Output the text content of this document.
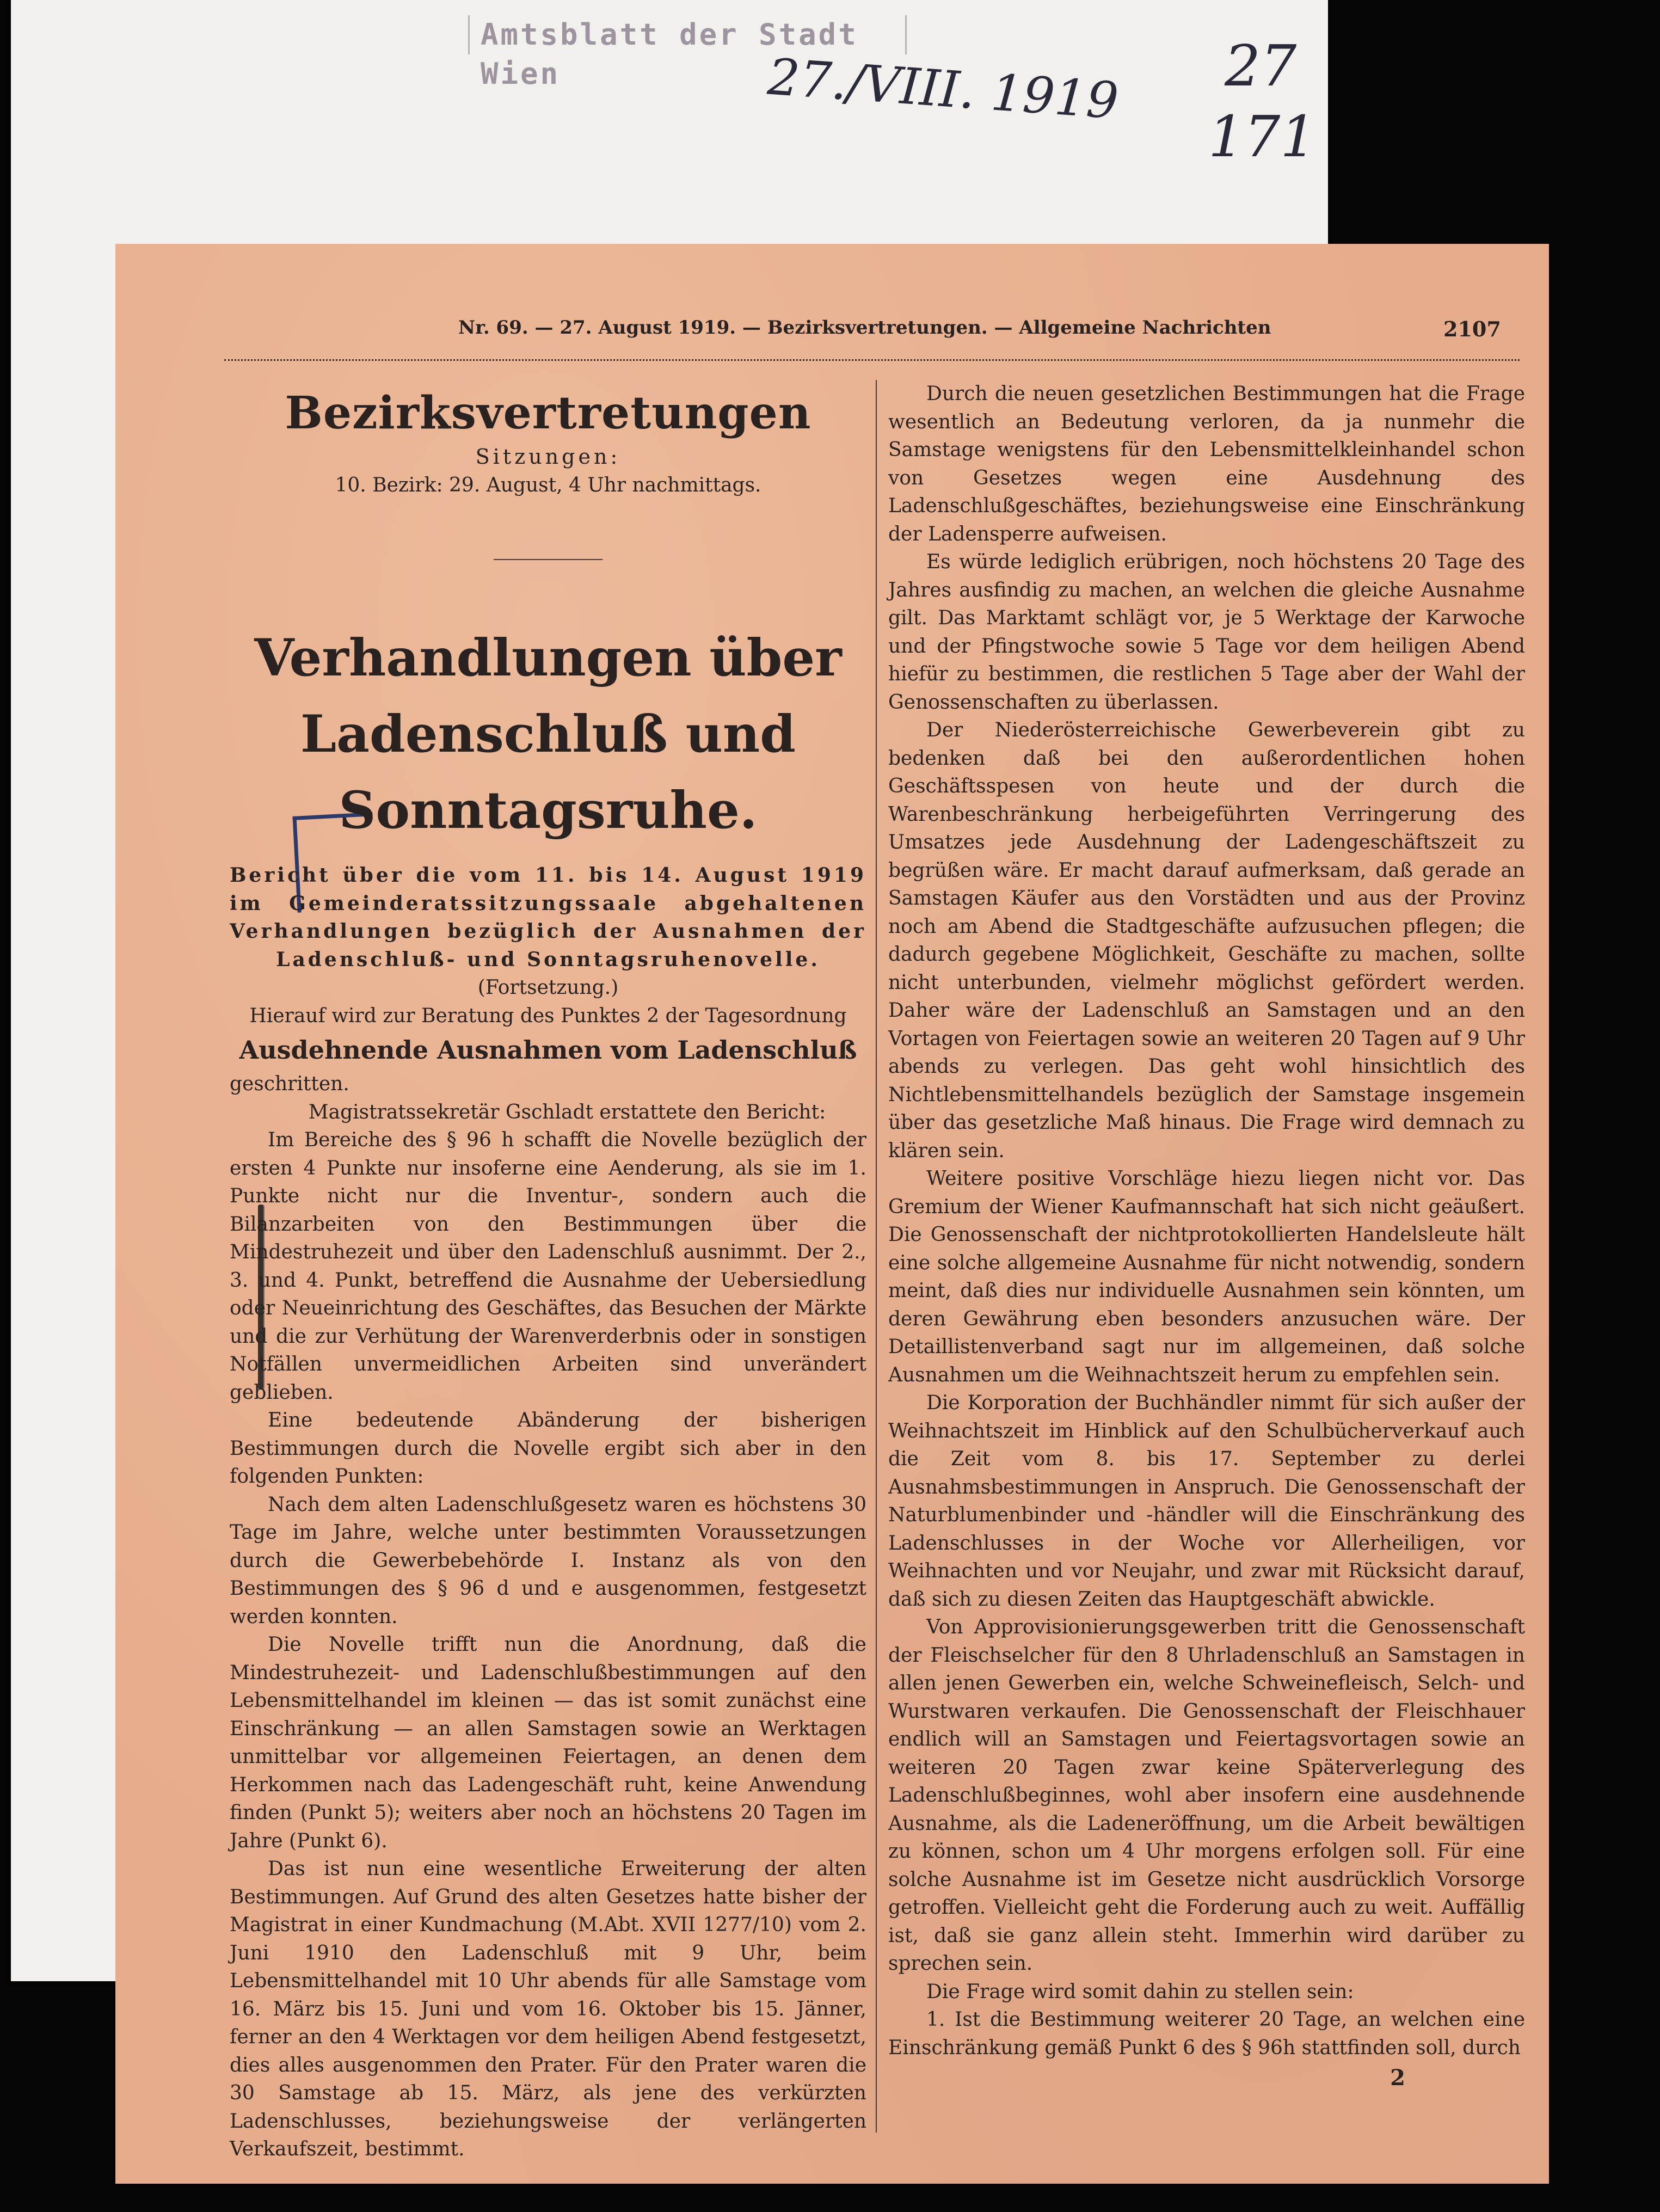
Amtsblatt der Stadt Wien	27./VIII. 1919 27
171
Nr. 69. — 27. August 1919. — Bezirksvertretungen. — Allgemeine Nachrichten	2107
Bezirksvertretungen
Sitzungen:
10. Bezirk: 29. August, 4 Uhr nachmittags.
Verhandlungen über Ladenschluß und Sonntagsruhe.
Bericht über die vom 11. bis 14. August 1919 im Gemeinderatssitzungssaale abgehaltenen Verhandlungen bezüglich der Ausnahmen der Ladenschluß- und Sonntagsruhenovelle.
(Fortsetzung.)
Hierauf wird zur Beratung des Punktes 2 der Tagesordnung
Ausdehnende Ausnahmen vom Ladenschluß

geschritten.

Magistratssekretär Gschladt erstattete den Bericht:

Im Bereiche des § 96 h schafft die Novelle bezüglich der ersten 4 Punkte nur insoferne eine Aenderung, als sie im 1. Punkte nicht nur die Inventur-, sondern auch die Bilanzarbeiten von den Bestimmungen über die Mindestruhezeit und über den Ladenschluß ausnimmt. Der 2., 3. und 4. Punkt, betreffend die Ausnahme der Uebersiedlung oder Neueinrichtung des Geschäftes, das Besuchen der Märkte und die zur Verhütung der Warenverderbnis oder in sonstigen Notfällen unvermeidlichen Arbeiten sind unverändert geblieben.

Eine bedeutende Abänderung der bisherigen Bestimmungen durch die Novelle ergibt sich aber in den folgenden Punkten:

Nach dem alten Ladenschlußgesetz waren es höchstens 30 Tage im Jahre, welche unter bestimmten Voraussetzungen durch die Gewerbebehörde I. Instanz als von den Bestimmungen des § 96 d und e ausgenommen, festgesetzt werden konnten.

Die Novelle trifft nun die Anordnung, daß die Mindestruhezeit- und Ladenschlußbestimmungen auf den Lebensmittelhandel im kleinen — das ist somit zunächst eine Einschränkung — an allen Samstagen sowie an Werktagen unmittelbar vor allgemeinen Feiertagen, an denen dem Herkommen nach das Ladengeschäft ruht, keine Anwendung finden (Punkt 5); weiters aber noch an höchstens 20 Tagen im Jahre (Punkt 6).

Das ist nun eine wesentliche Erweiterung der alten Bestimmungen. Auf Grund des alten Gesetzes hatte bisher der Magistrat in einer Kundmachung (M.Abt. XVII 1277/10) vom 2. Juni 1910 den Ladenschluß mit 9 Uhr, beim Lebensmittelhandel mit 10 Uhr abends für alle Samstage vom 16. März bis 15. Juni und vom 16. Oktober bis 15. Jänner, ferner an den 4 Werktagen vor dem heiligen Abend festgesetzt, dies alles ausgenommen den Prater. Für den Prater waren die 30 Samstage ab 15. März, als jene des verkürzten Ladenschlusses, beziehungsweise der verlängerten Verkaufszeit, bestimmt.

Durch die neuen gesetzlichen Bestimmungen hat die Frage wesentlich an Bedeutung verloren, da ja nunmehr die Samstage wenigstens für den Lebensmittelkleinhandel schon von Gesetzes wegen eine Ausdehnung des Ladenschlußgeschäftes, beziehungsweise eine Einschränkung der Ladensperre aufweisen.

Es würde lediglich erübrigen, noch höchstens 20 Tage des Jahres ausfindig zu machen, an welchen die gleiche Ausnahme gilt. Das Marktamt schlägt vor, je 5 Werktage der Karwoche und der Pfingstwoche sowie 5 Tage vor dem heiligen Abend hiefür zu bestimmen, die restlichen 5 Tage aber der Wahl der Genossenschaften zu überlassen.

Der Niederösterreichische Gewerbeverein gibt zu bedenken daß bei den außerordentlichen hohen Geschäftsspesen von heute und der durch die Warenbeschränkung herbeigeführten Verringerung des Umsatzes jede Ausdehnung der Ladengeschäftszeit zu begrüßen wäre. Er macht darauf aufmerksam, daß gerade an Samstagen Käufer aus den Vorstädten und aus der Provinz noch am Abend die Stadtgeschäfte aufzusuchen pflegen; die dadurch gegebene Möglichkeit, Geschäfte zu machen, sollte nicht unterbunden, vielmehr möglichst gefördert werden. Daher wäre der Ladenschluß an Samstagen und an den Vortagen von Feiertagen sowie an weiteren 20 Tagen auf 9 Uhr abends zu verlegen. Das geht wohl hinsichtlich des Nichtlebensmittelhandels bezüglich der Samstage insgemein über das gesetzliche Maß hinaus. Die Frage wird demnach zu klären sein.

Weitere positive Vorschläge hiezu liegen nicht vor. Das Gremium der Wiener Kaufmannschaft hat sich nicht geäußert. Die Genossenschaft der nichtprotokollierten Handelsleute hält eine solche allgemeine Ausnahme für nicht notwendig, sondern meint, daß dies nur individuelle Ausnahmen sein könnten, um deren Gewährung eben besonders anzusuchen wäre. Der Detaillistenverband sagt nur im allgemeinen, daß solche Ausnahmen um die Weihnachtszeit herum zu empfehlen sein.

Die Korporation der Buchhändler nimmt für sich außer der Weihnachtszeit im Hinblick auf den Schulbücherverkauf auch die Zeit vom 8. bis 17. September zu derlei Ausnahmsbestimmungen in Anspruch. Die Genossenschaft der Naturblumenbinder und -händler will die Einschränkung des Ladenschlusses in der Woche vor Allerheiligen, vor Weihnachten und vor Neujahr, und zwar mit Rücksicht darauf, daß sich zu diesen Zeiten das Hauptgeschäft abwickle.

Von Approvisionierungsgewerben tritt die Genossenschaft der Fleischselcher für den 8 Uhrladenschluß an Samstagen in allen jenen Gewerben ein, welche Schweinefleisch, Selch- und Wurstwaren verkaufen. Die Genossenschaft der Fleischhauer endlich will an Samstagen und Feiertagsvortagen sowie an weiteren 20 Tagen zwar keine Späterverlegung des Ladenschlußbeginnes, wohl aber insofern eine ausdehnende Ausnahme, als die Ladeneröffnung, um die Arbeit bewältigen zu können, schon um 4 Uhr morgens erfolgen soll. Für eine solche Ausnahme ist im Gesetze nicht ausdrücklich Vorsorge getroffen. Vielleicht geht die Forderung auch zu weit. Auffällig ist, daß sie ganz allein steht. Immerhin wird darüber zu sprechen sein.

Die Frage wird somit dahin zu stellen sein:

1. Ist die Bestimmung weiterer 20 Tage, an welchen eine Einschränkung gemäß Punkt 6 des § 96h stattfinden soll, durch

2
